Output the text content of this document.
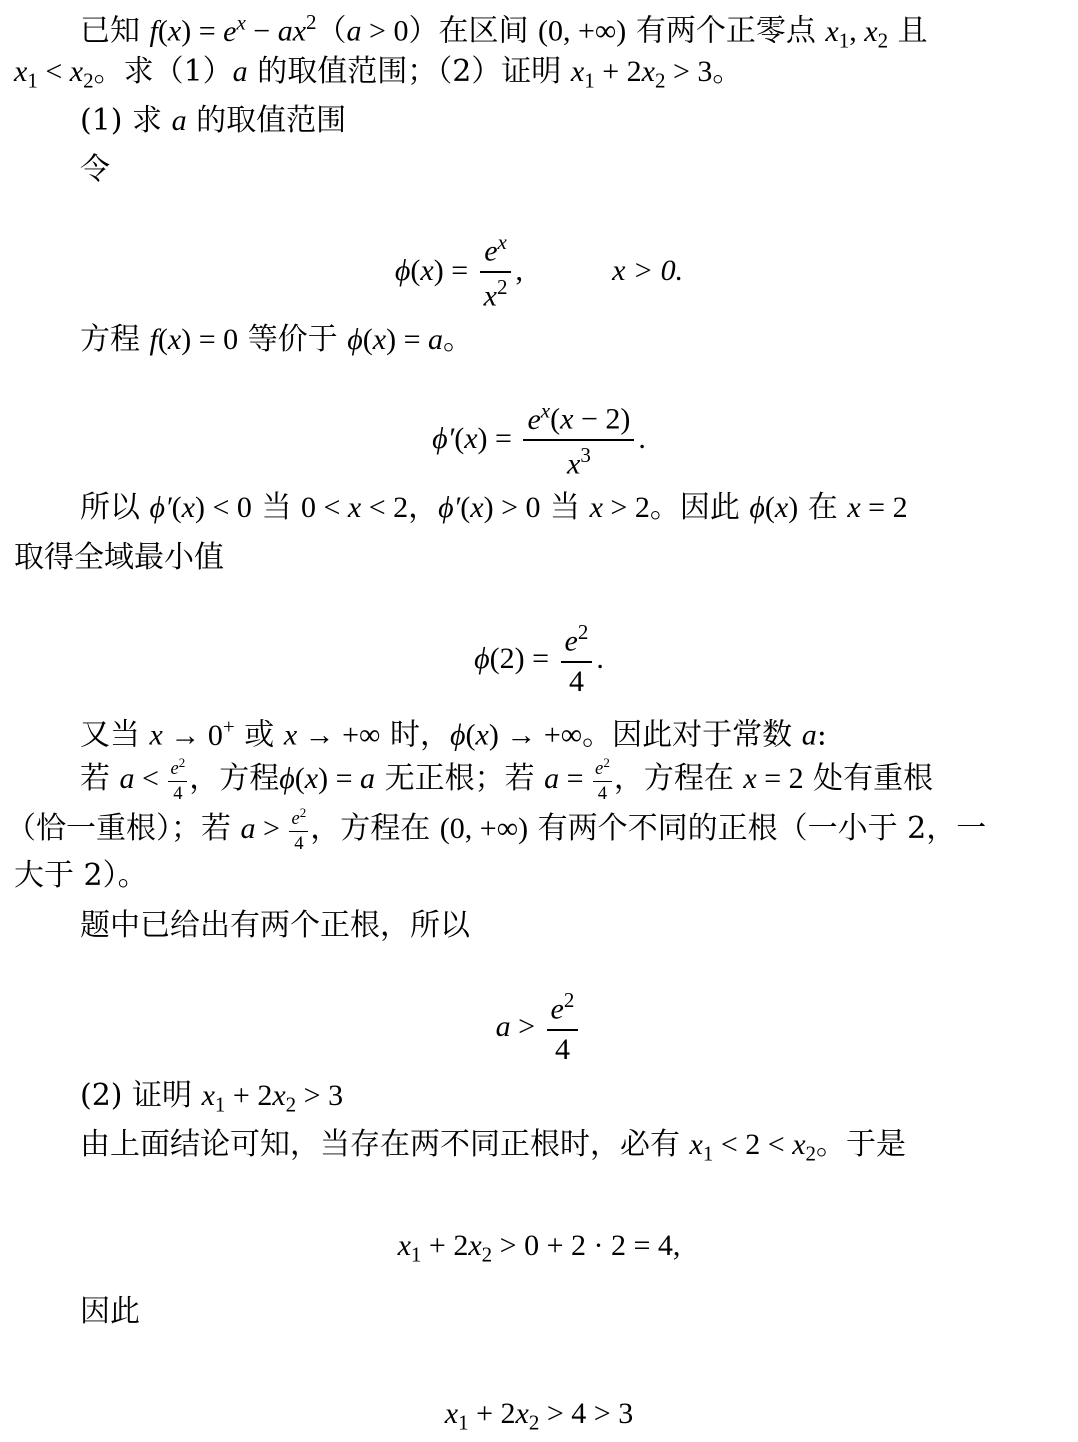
已知 $f(x) = e^x - ax^2(a > 0)$在区间 (0, +∞) 有两个正零点 $x_1$, $x_2$ 且
$x_1 < x_2$。求（1）a 的取值范围；（2）证明 $x_1 + 2x_2 > 3$。
(1) 求 a 的取值范围
令
$\phi(x) = \frac{e^x}{x^2}$ ,	x > 0.
方程 f(x) = 0 等价于 ϕ(x) = a。
$\phi'(x) = \frac{e^x(x - 2)}{x^3}$ .
所以 ϕ′(x) < 0 当 0 < x < 2，ϕ′(x) > 0 当 x > 2。因此 ϕ(x) 在 x = 2
取得全域最小值
$\phi(2) = \frac{e^2}{4}$ .
又当 x → 0+ 或 x → +∞ 时，ϕ(x) → +∞。因此对于常数 a:
若 $a < \frac{e^2}{4}$ ，方程ϕ(x) = a 无正根；若 $a = \frac{e^2}{4}$ ，方程在 x = 2 处有重根
（恰一重根）；若 $a > \frac{e^2}{4}$ ，方程在 (0, +∞) 有两个不同的正根（一小于 2，一
大于 2）。
题中已给出有两个正根，所以
$a > \frac{e^2}{4}$
(2) 证明 $x_1 + 2x_2 > 3$
由上面结论可知，当存在两不同正根时，必有 $x_1 < 2 < x_2$。于是
$x_1 + 2x_2 > 0 + 2 \cdot 2 = 4$,
因此
$x_1 + 2x_2 > 4 > 3$
